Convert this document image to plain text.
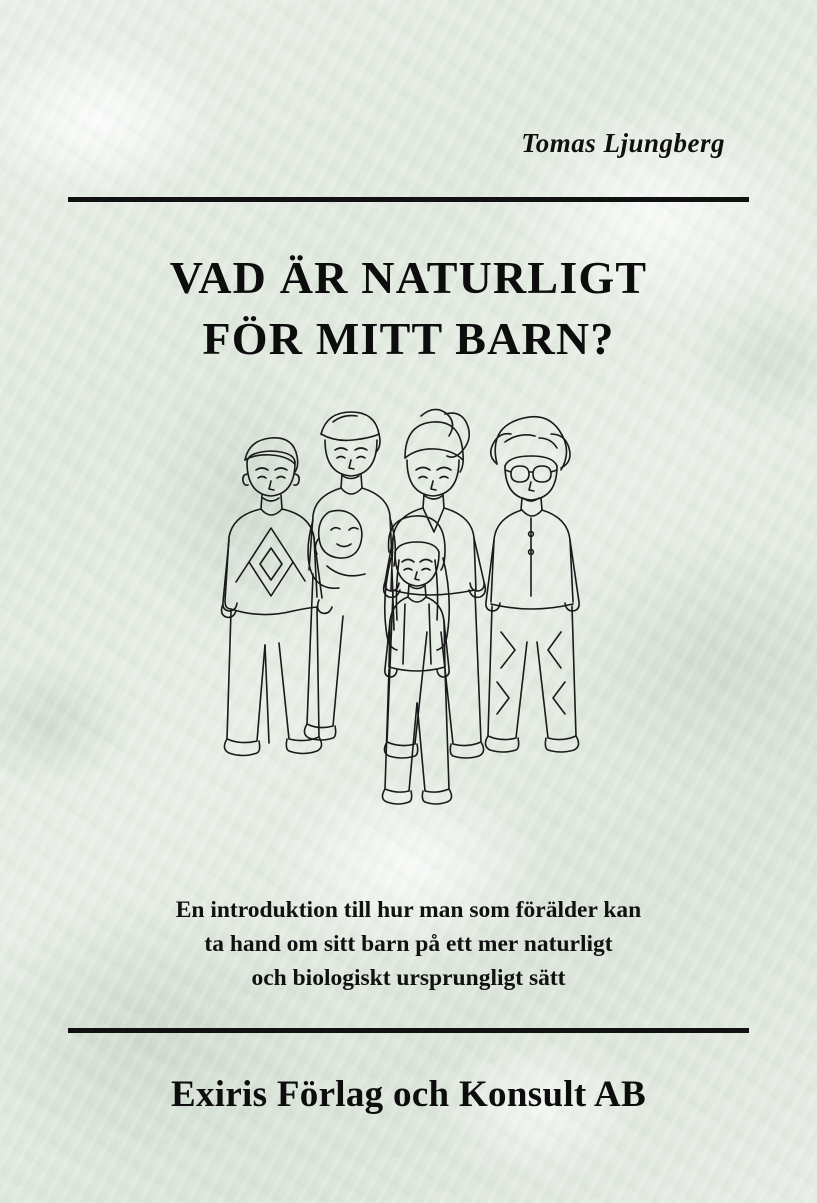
Tomas Ljungberg
VAD ÄR NATURLIGT
FÖR MITT BARN?
En introduktion till hur man som förälder kan
ta hand om sitt barn på ett mer naturligt
och biologiskt ursprungligt sätt
Exiris Förlag och Konsult AB
